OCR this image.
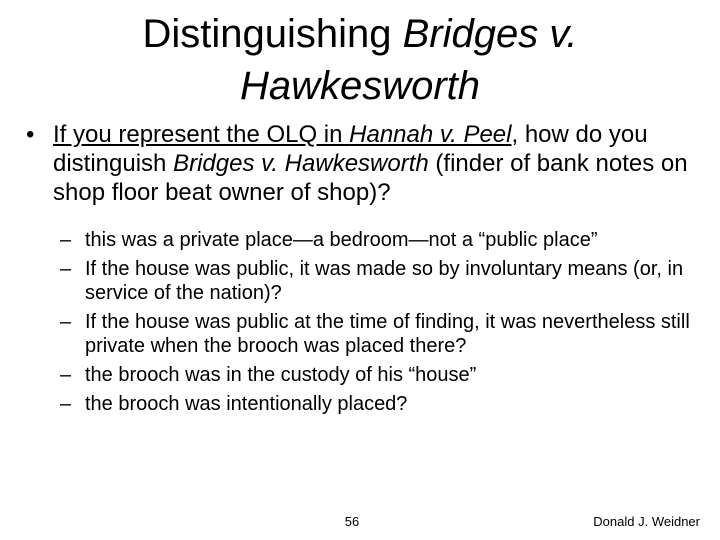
Distinguishing Bridges v.
Hawkesworth
• If you represent the OLQ in Hannah v. Peel, how do you distinguish Bridges v. Hawkesworth (finder of bank notes on shop floor beat owner of shop)?
– this was a private place—a bedroom—not a “public place”
– If the house was public, it was made so by involuntary means (or, in service of the nation)?
– If the house was public at the time of finding, it was nevertheless still private when the brooch was placed there?
– the brooch was in the custody of his “house”
– the brooch was intentionally placed?
56	Donald J. Weidner
